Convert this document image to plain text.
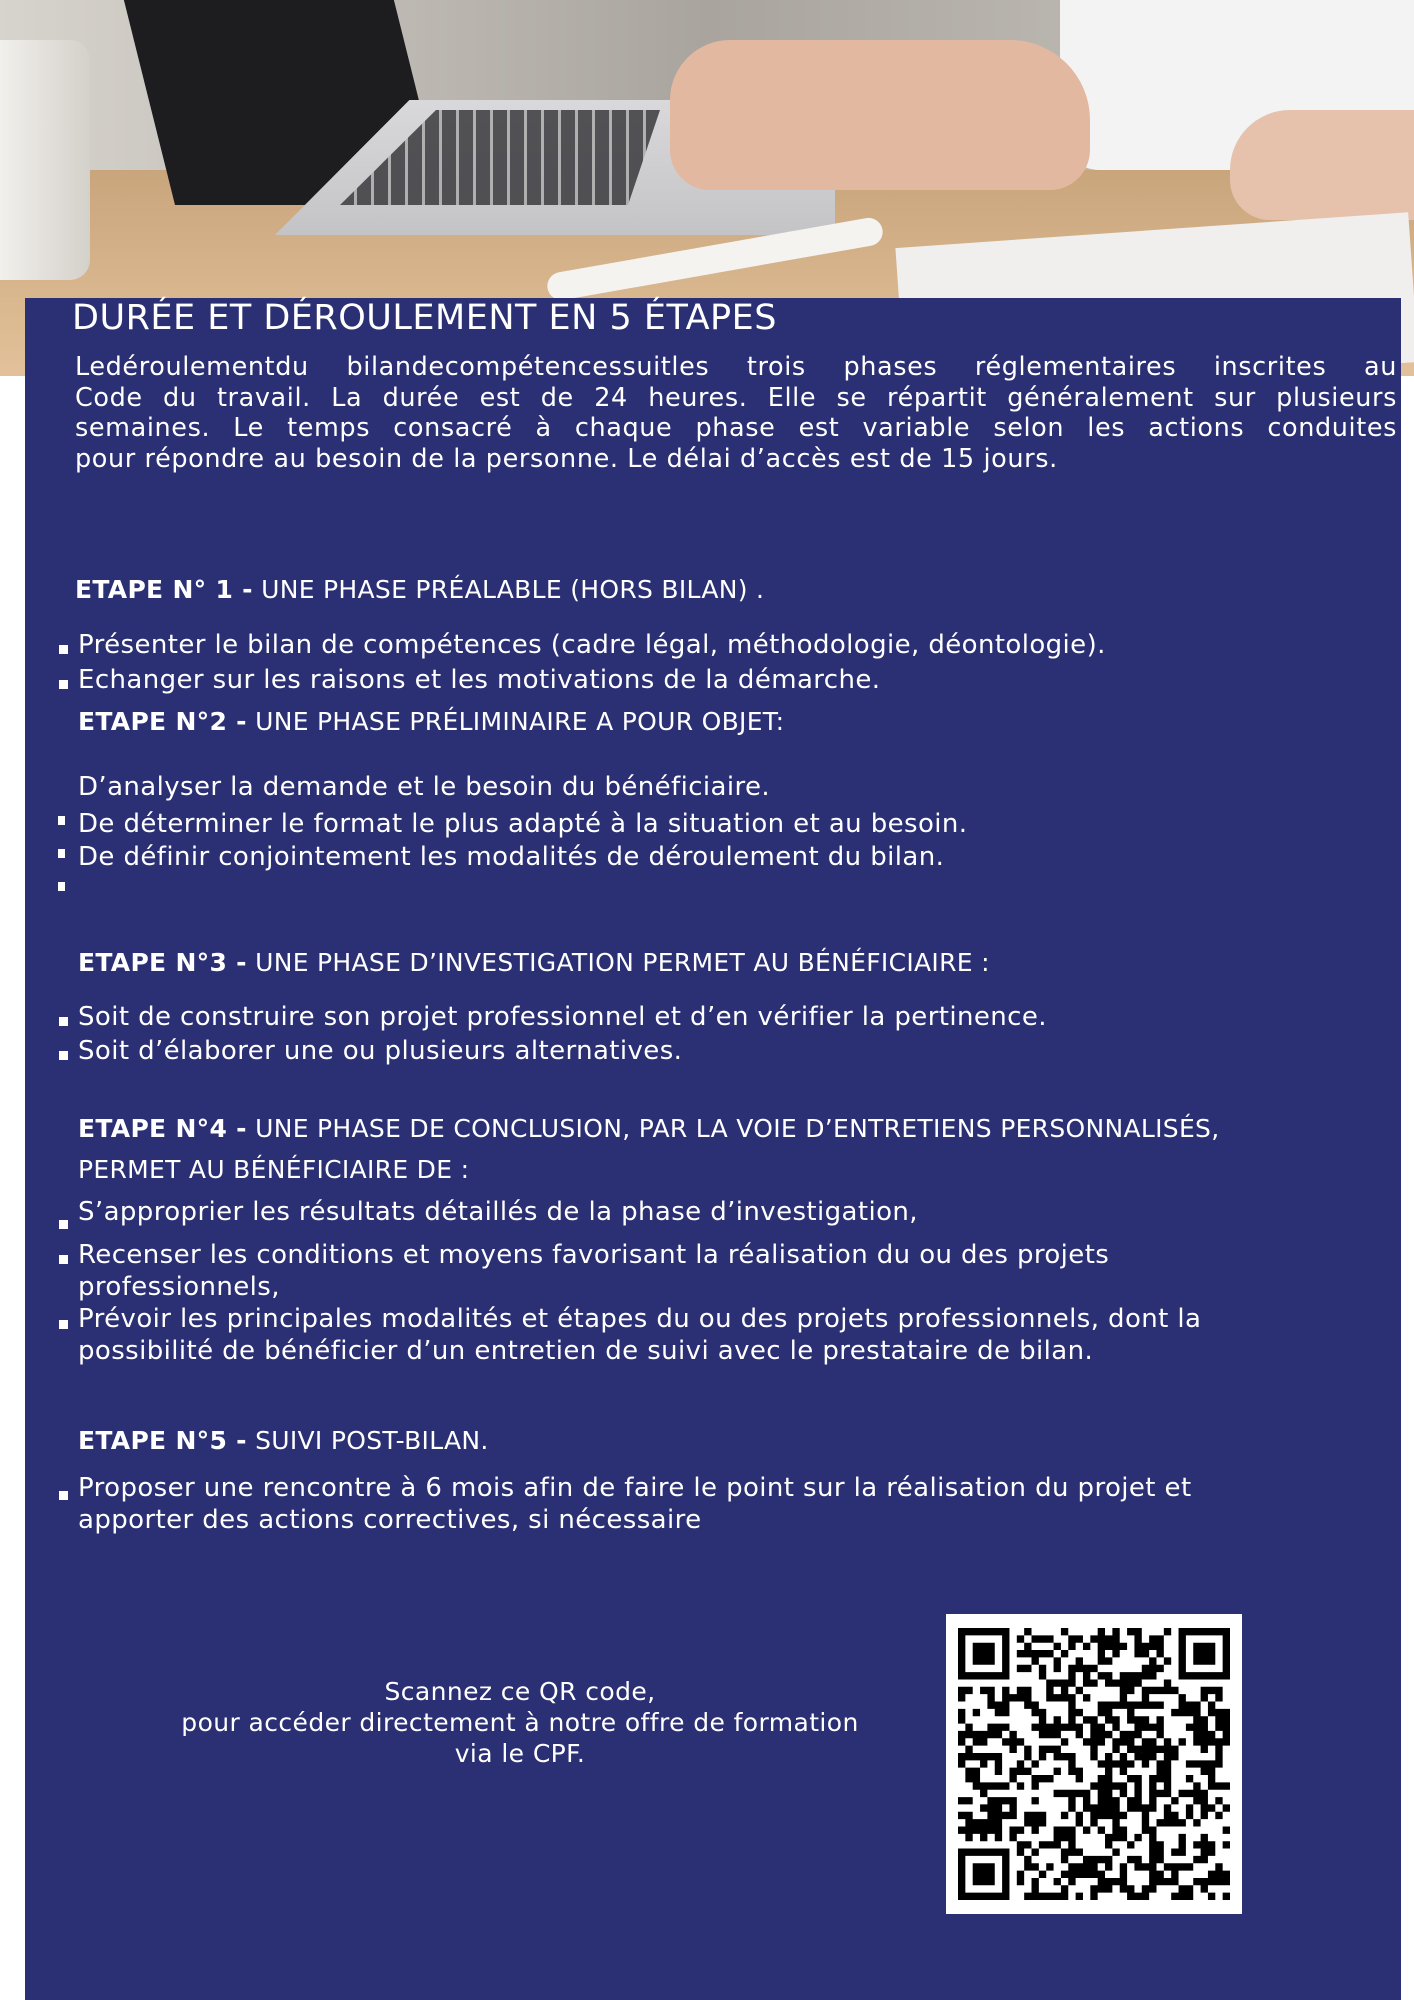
DURÉE ET DÉROULEMENT EN 5 ÉTAPES
Ledéroulementdu bilandecompétencessuitles trois phases réglementaires inscrites au
Code du travail. La durée est de 24 heures. Elle se répartit généralement sur plusieurs
semaines. Le temps consacré à chaque phase est variable selon les actions conduites
pour répondre au besoin de la personne. Le délai d’accès est de 15 jours.
ETAPE N° 1 - UNE PHASE PRÉALABLE (HORS BILAN) .
Présenter le bilan de compétences (cadre légal, méthodologie, déontologie).
Echanger sur les raisons et les motivations de la démarche.
ETAPE N°2 - UNE PHASE PRÉLIMINAIRE A POUR OBJET:
D’analyser la demande et le besoin du bénéficiaire.
De déterminer le format le plus adapté à la situation et au besoin.
De définir conjointement les modalités de déroulement du bilan.
ETAPE N°3 - UNE PHASE D’INVESTIGATION PERMET AU BÉNÉFICIAIRE :
Soit de construire son projet professionnel et d’en vérifier la pertinence.
Soit d’élaborer une ou plusieurs alternatives.
ETAPE N°4 - UNE PHASE DE CONCLUSION, PAR LA VOIE D’ENTRETIENS PERSONNALISÉS,
PERMET AU BÉNÉFICIAIRE DE :
S’approprier les résultats détaillés de la phase d’investigation,
Recenser les conditions et moyens favorisant la réalisation du ou des projets
professionnels,
Prévoir les principales modalités et étapes du ou des projets professionnels, dont la
possibilité de bénéficier d’un entretien de suivi avec le prestataire de bilan.
ETAPE N°5 - SUIVI POST-BILAN.
Proposer une rencontre à 6 mois afin de faire le point sur la réalisation du projet et
apporter des actions correctives, si nécessaire
Scannez ce QR code,
pour accéder directement à notre offre de formation
via le CPF.
